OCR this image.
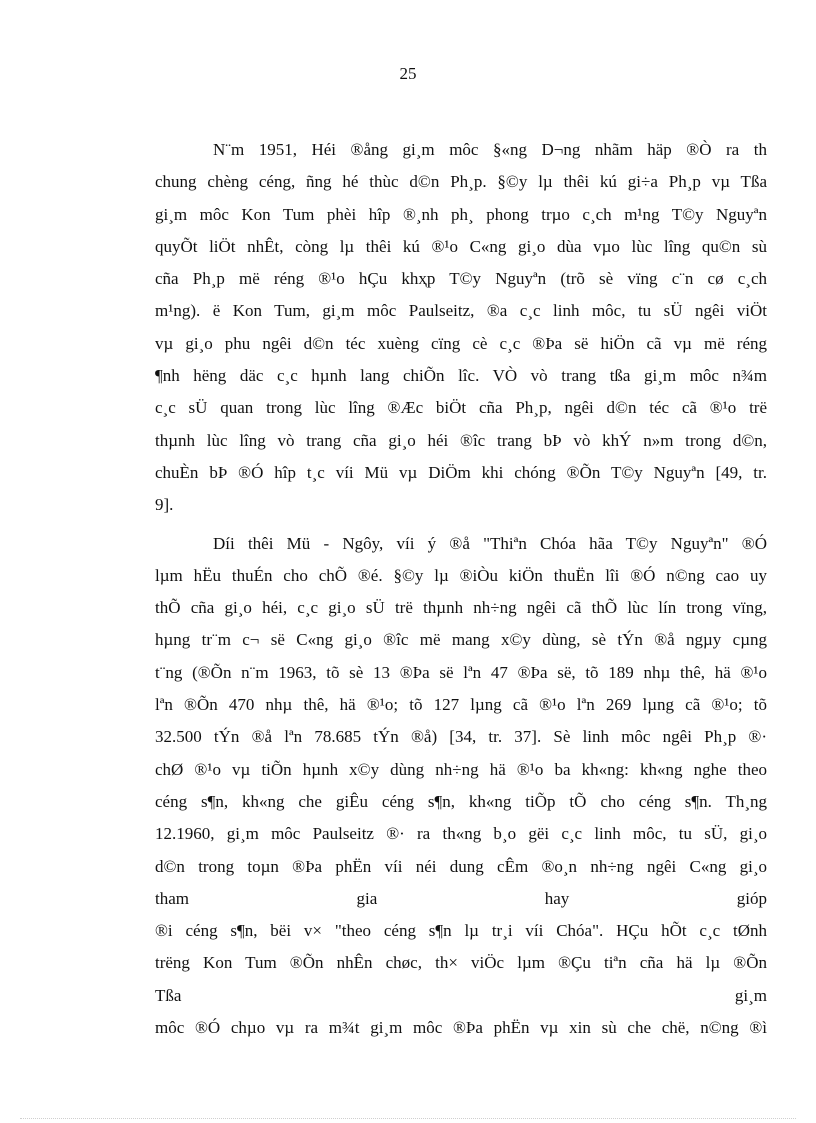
25
N¨m 1951, Héi ®ång gi¸m môc §«ng D¬ng nhãm häp ®Ò ra th
chung chèng céng, ñng hé thùc d©n Ph¸p. §©y lµ thêi kú gi÷a Ph¸p vµ Tßa
gi¸m môc Kon Tum phèi hîp ®¸nh ph¸ phong trµo c¸ch m¹ng T©y Nguyªn
quyÕt liÖt nhÊt, còng lµ thêi kú ®¹o C«ng gi¸o dùa vµo lùc lîng qu©n sù
cña Ph¸p më réng ®¹o hÇu khҳp T©y Nguyªn (trõ sè vïng c¨n cø c¸ch
m¹ng). ë Kon Tum, gi¸m môc Paulseitz, ®a c¸c linh môc, tu sÜ ngêi viÖt
vµ gi¸o phu ngêi d©n téc xuèng cïng cè c¸c ®Þa së hiÖn cã vµ më réng
¶nh hëng däc c¸c hµnh lang chiÕn lîc. VÒ vò trang tßa gi¸m môc n¾m
c¸c sÜ quan trong lùc lîng ®Æc biÖt cña Ph¸p, ngêi d©n téc cã ®¹o trë
thµnh lùc lîng vò trang cña gi¸o héi ®îc trang bÞ vò khÝ n»m trong d©n,
chuÈn bÞ ®Ó hîp t¸c víi Mü vµ DiÖm khi chóng ®Õn T©y Nguyªn [49, tr.
9].
Díi thêi Mü - Ngôy, víi ý ®å "Thiªn Chóa hãa T©y Nguyªn" ®Ó
lµm hËu thuÉn cho chÕ ®é. §©y lµ ®iÒu kiÖn thuËn lîi ®Ó n©ng cao uy
thÕ cña gi¸o héi, c¸c gi¸o sÜ trë thµnh nh÷ng ngêi cã thÕ lùc lín trong vïng,
hµng tr¨m c¬ së C«ng gi¸o ®îc më mang x©y dùng, sè tÝn ®å ngµy cµng
t¨ng (®Õn n¨m 1963, tõ sè 13 ®Þa së lªn 47 ®Þa së, tõ 189 nhµ thê, hä ®¹o
lªn ®Õn 470 nhµ thê, hä ®¹o; tõ 127 lµng cã ®¹o lªn 269 lµng cã ®¹o; tõ
32.500 tÝn ®å lªn 78.685 tÝn ®å) [34, tr. 37]. Sè linh môc ngêi Ph¸p ®·
chØ ®¹o vµ tiÕn hµnh x©y dùng nh÷ng hä ®¹o ba kh«ng: kh«ng nghe theo
céng s¶n, kh«ng che giÊu céng s¶n, kh«ng tiÕp tÕ cho céng s¶n. Th¸ng
12.1960, gi¸m môc Paulseitz ®· ra th«ng b¸o gëi c¸c linh môc, tu sÜ, gi¸o
d©n trong toµn ®Þa phËn víi néi dung cÊm ®o¸n nh÷ng ngêi C«ng gi¸o
tham gia hay gióp
®i céng s¶n, bëi v× "theo céng s¶n lµ tr¸i víi Chóa". HÇu hÕt c¸c tØnh
trëng Kon Tum ®Õn nhÊn chøc, th× viÖc lµm ®Çu tiªn cña hä lµ ®Õn
Tßa gi¸m
môc ®Ó chµo vµ ra m¾t gi¸m môc ®Þa phËn vµ xin sù che chë, n©ng ®ì
